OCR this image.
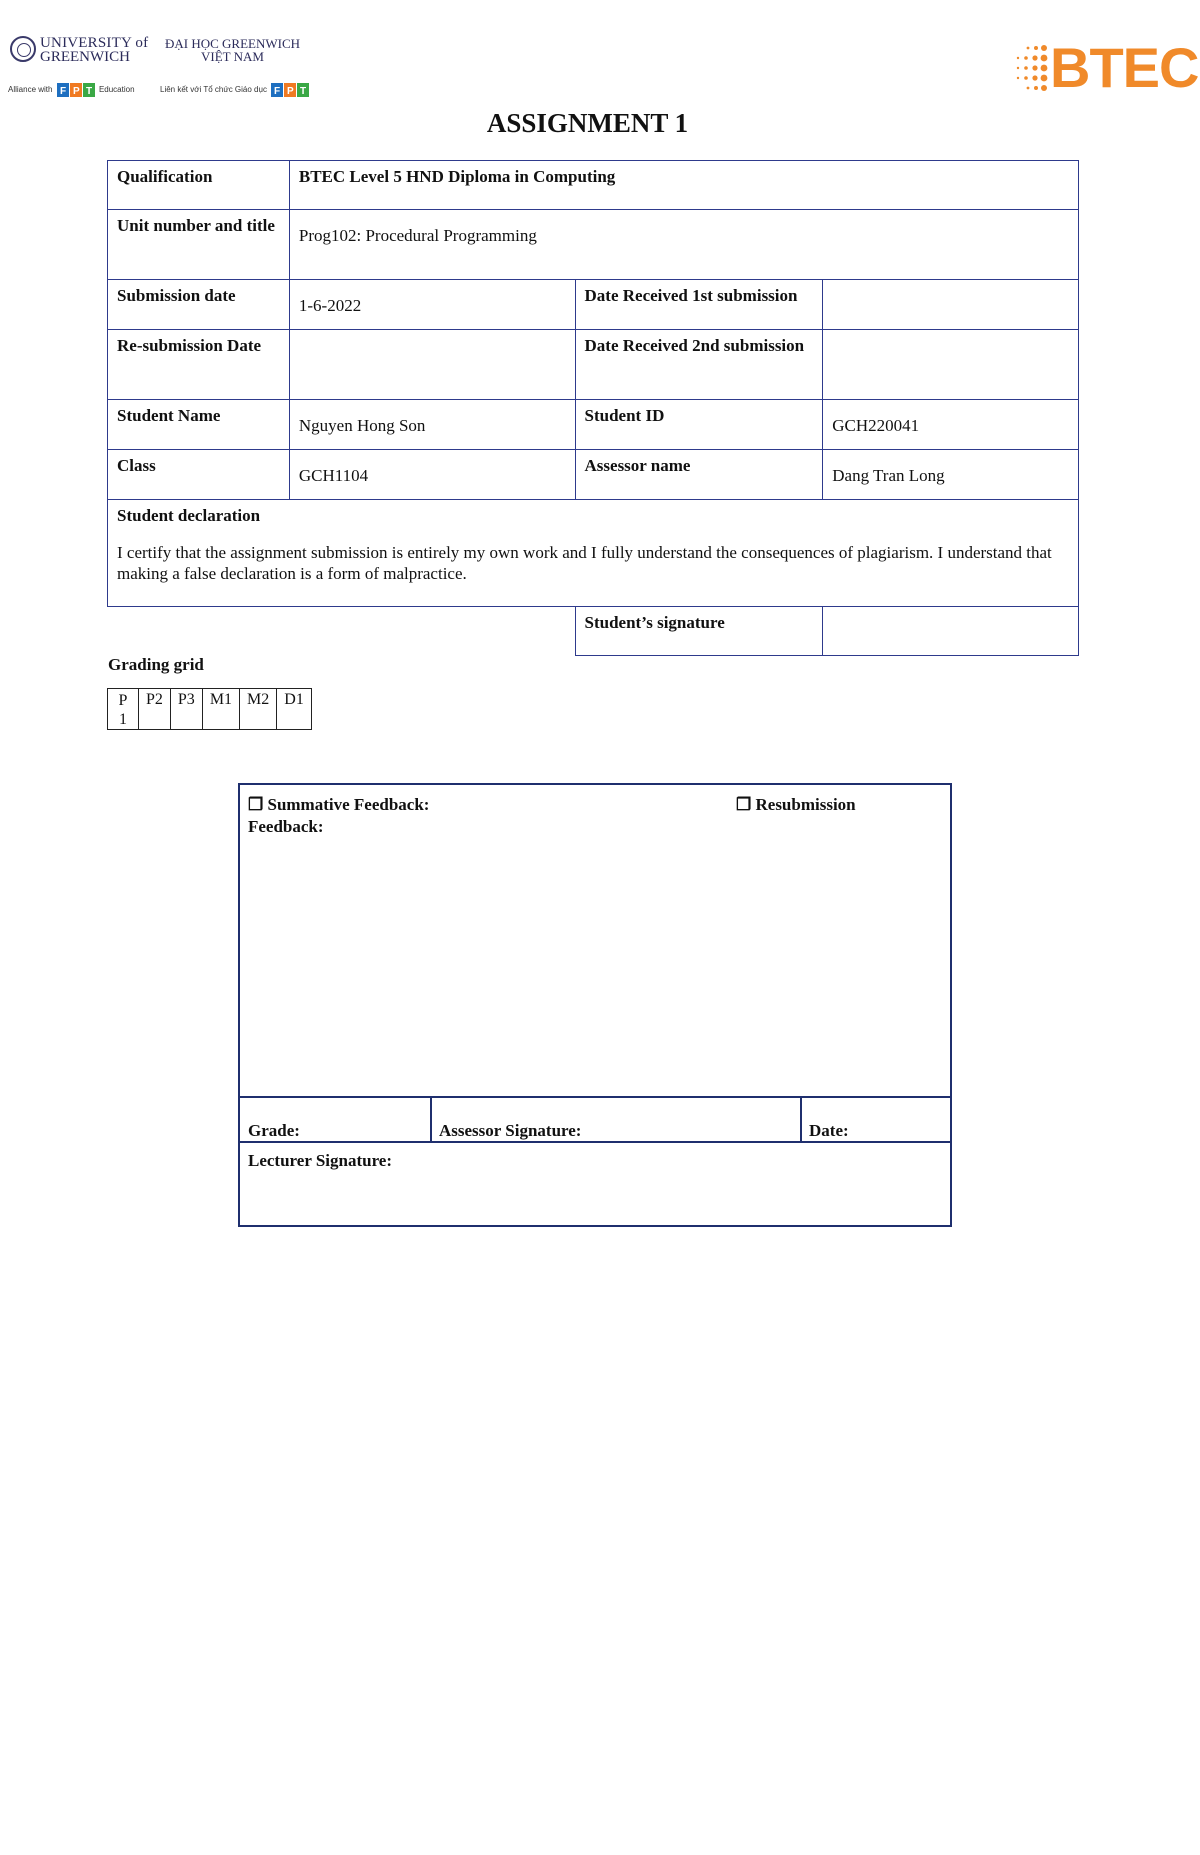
UNIVERSITY of
GREENWICH
Alliance with F P T Education
ĐẠI HỌC GREENWICH
VIỆT NAM
Liên kết với Tổ chức Giáo dục F P T	BTEC
ASSIGNMENT 1
Qualification	BTEC Level 5 HND Diploma in Computing		
Unit number and title	Prog102: Procedural Programming		
Submission date	1-6-2022	Date Received 1st submission	
Re-submission Date		Date Received 2nd submission	
Student Name	Nguyen Hong Son	Student ID	GCH220041
Class	GCH1104	Assessor name	Dang Tran Long

Student declaration
I certify that the assignment submission is entirely my own work and I fully understand the consequences of plagiarism. I understand that making a false declaration is a form of malpractice.			

		Student’s signature	
Grading grid
P 1	P2	P3	M1	M2	D1
❒ Summative Feedback:	❒ Resubmission
Feedback:
Grade:	Assessor Signature:	Date:
Lecturer Signature:
